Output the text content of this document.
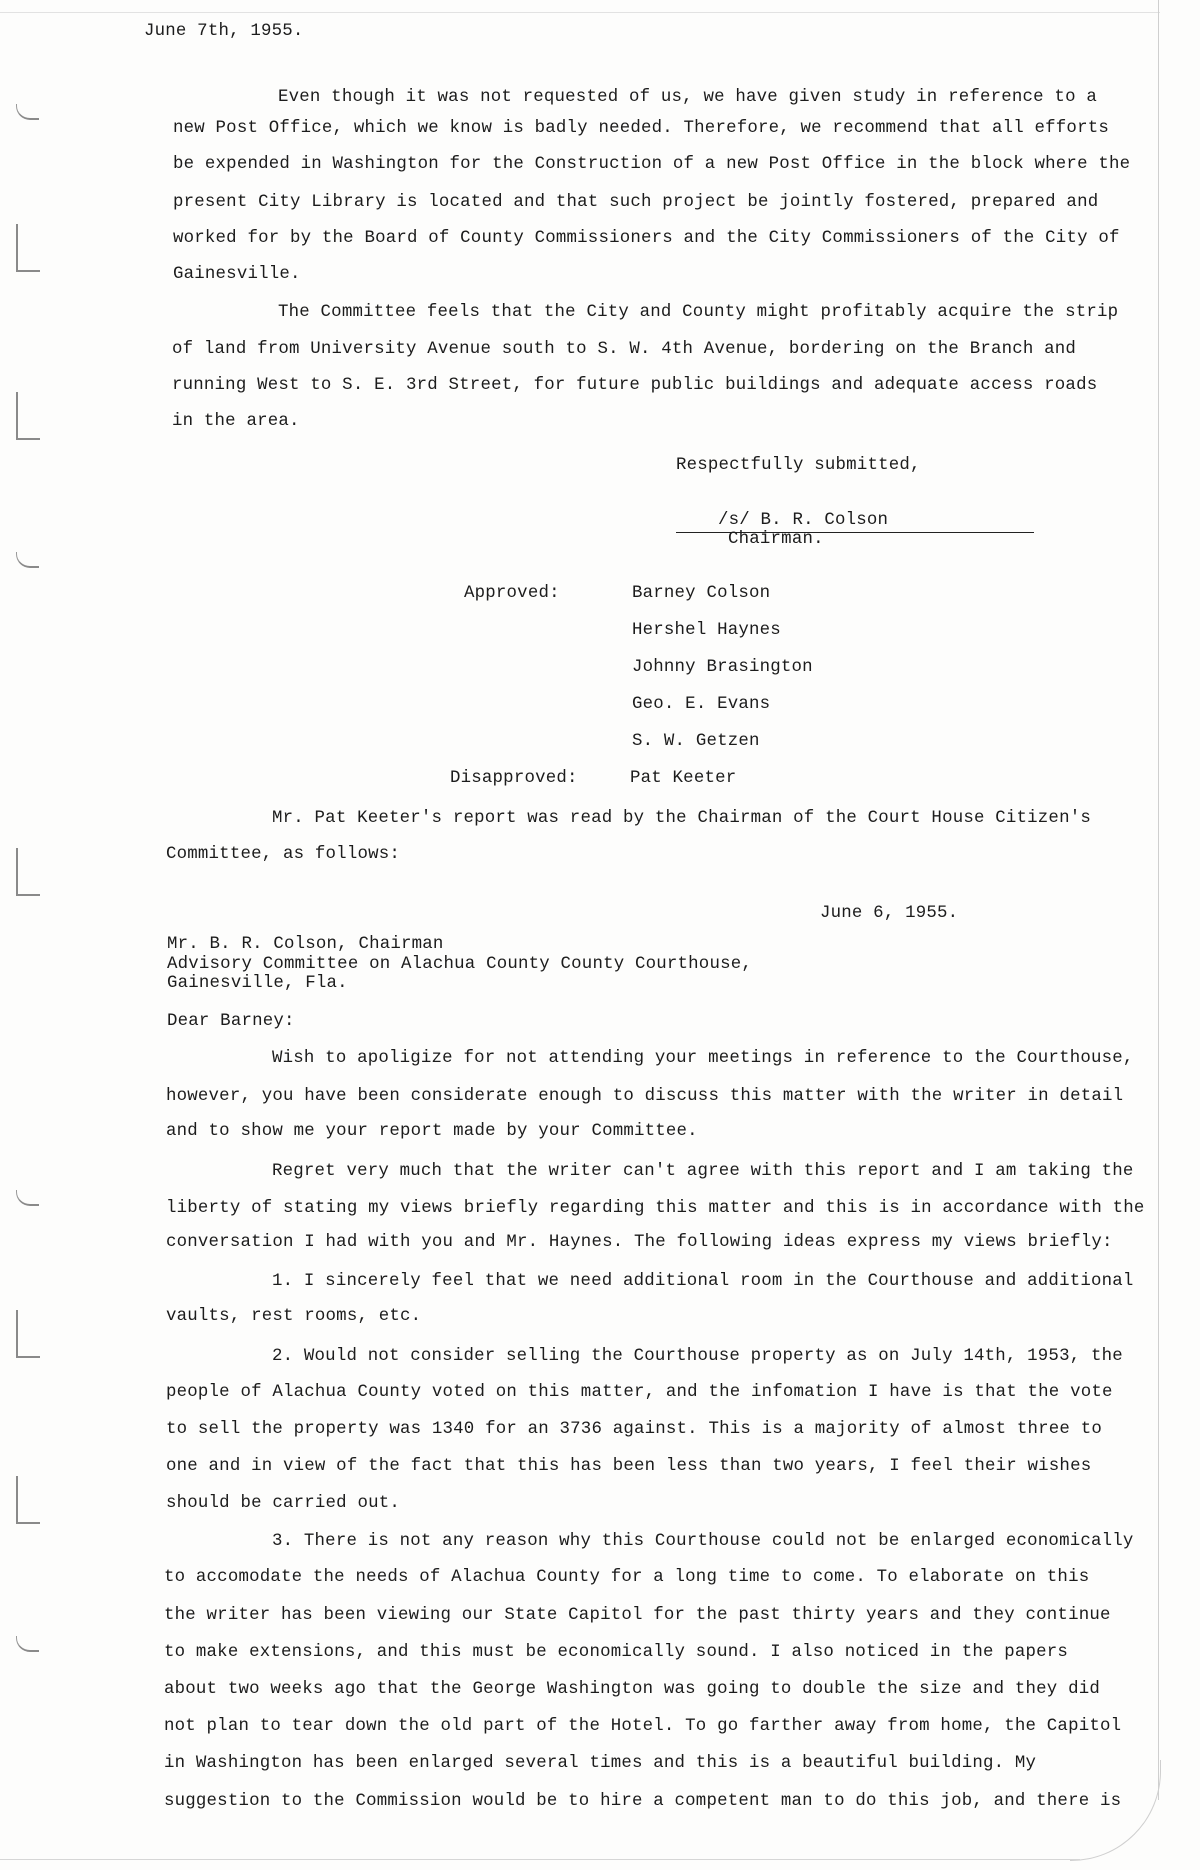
June 7th, 1955.
Even though it was not requested of us, we have given study in reference to a
new Post Office, which we know is badly needed. Therefore, we recommend that all efforts
be expended in Washington for the Construction of a new Post Office in the block where the
present City Library is located and that such project be jointly fostered, prepared and
worked for by the Board of County Commissioners and the City Commissioners of the City of
Gainesville.
The Committee feels that the City and County might profitably acquire the strip
of land from University Avenue south to S. W. 4th Avenue, bordering on the Branch and
running West to S. E. 3rd Street, for future public buildings and adequate access roads
in the area.
Respectfully submitted,
/s/ B. R. Colson
Chairman.
Approved:	Barney Colson
Hershel Haynes
Johnny Brasington
Geo. E. Evans
S. W. Getzen
Disapproved:	Pat Keeter
Mr. Pat Keeter's report was read by the Chairman of the Court House Citizen's
Committee, as follows:
June 6, 1955.
Mr. B. R. Colson, Chairman
Advisory Committee on Alachua County County Courthouse,
Gainesville, Fla.
Dear Barney:
Wish to apoligize for not attending your meetings in reference to the Courthouse,
however, you have been considerate enough to discuss this matter with the writer in detail
and to show me your report made by your Committee.
Regret very much that the writer can't agree with this report and I am taking the
liberty of stating my views briefly regarding this matter and this is in accordance with the
conversation I had with you and Mr. Haynes. The following ideas express my views briefly:
1. I sincerely feel that we need additional room in the Courthouse and additional
vaults, rest rooms, etc.
2. Would not consider selling the Courthouse property as on July 14th, 1953, the
people of Alachua County voted on this matter, and the infomation I have is that the vote
to sell the property was 1340 for an 3736 against. This is a majority of almost three to
one and in view of the fact that this has been less than two years, I feel their wishes
should be carried out.
3. There is not any reason why this Courthouse could not be enlarged economically
to accomodate the needs of Alachua County for a long time to come. To elaborate on this
the writer has been viewing our State Capitol for the past thirty years and they continue
to make extensions, and this must be economically sound. I also noticed in the papers
about two weeks ago that the George Washington was going to double the size and they did
not plan to tear down the old part of the Hotel. To go farther away from home, the Capitol
in Washington has been enlarged several times and this is a beautiful building. My
suggestion to the Commission would be to hire a competent man to do this job, and there is
